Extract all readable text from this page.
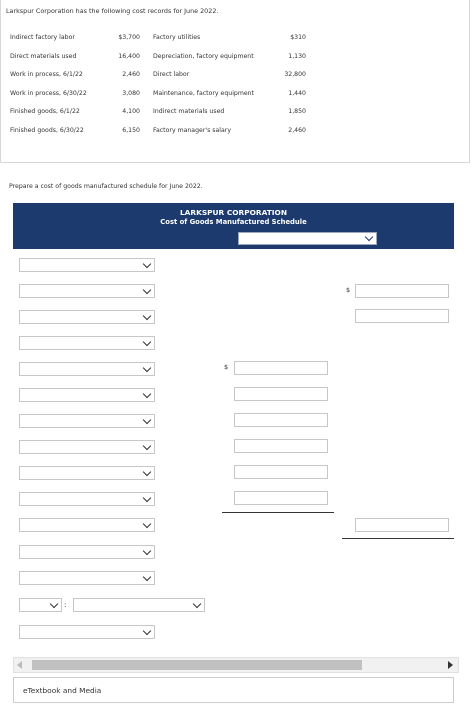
Larkspur Corporation has the following cost records for June 2022.
Indirect factory labor	$3,700 Factory utilities	$310
Direct materials used	16,400 Depreciation, factory equipment	1,130
Work in process, 6/1/22	2,460 Direct labor	32,800
Work in process, 6/30/22	3,080 Maintenance, factory equipment	1,440
Finished goods, 6/1/22	4,100 Indirect materials used	1,850
Finished goods, 6/30/22	6,150 Factory manager's salary	2,460
Prepare a cost of goods manufactured schedule for June 2022.
LARKSPUR CORPORATION
Cost of Goods Manufactured Schedule
:
$
$
eTextbook and Media
